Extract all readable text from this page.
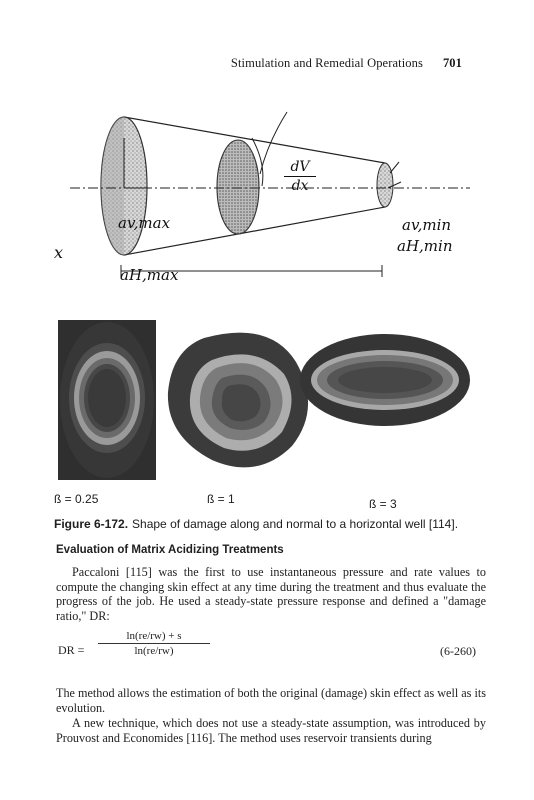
Stimulation and Remedial Operations 701
$\frac{dV}{dx}$
av,max
aH,max
av,min
aH,min
x
ß = 0.25	ß = 1	ß = 3
Figure 6-172. Shape of damage along and normal to a horizontal well [114].
Evaluation of Matrix Acidizing Treatments
Paccaloni [115] was the first to use instantaneous pressure and rate values to compute the changing skin effect at any time during the treatment and thus evaluate the progress of the job. He used a steady-state pressure response and defined a "damage ratio," DR:
DR = $\frac{\ln(re/rw) + s}{\ln(re/rw)}$	(6-260)
The method allows the estimation of both the original (damage) skin effect as well as its evolution.
A new technique, which does not use a steady-state assumption, was introduced by Prouvost and Economides [116]. The method uses reservoir transients during
